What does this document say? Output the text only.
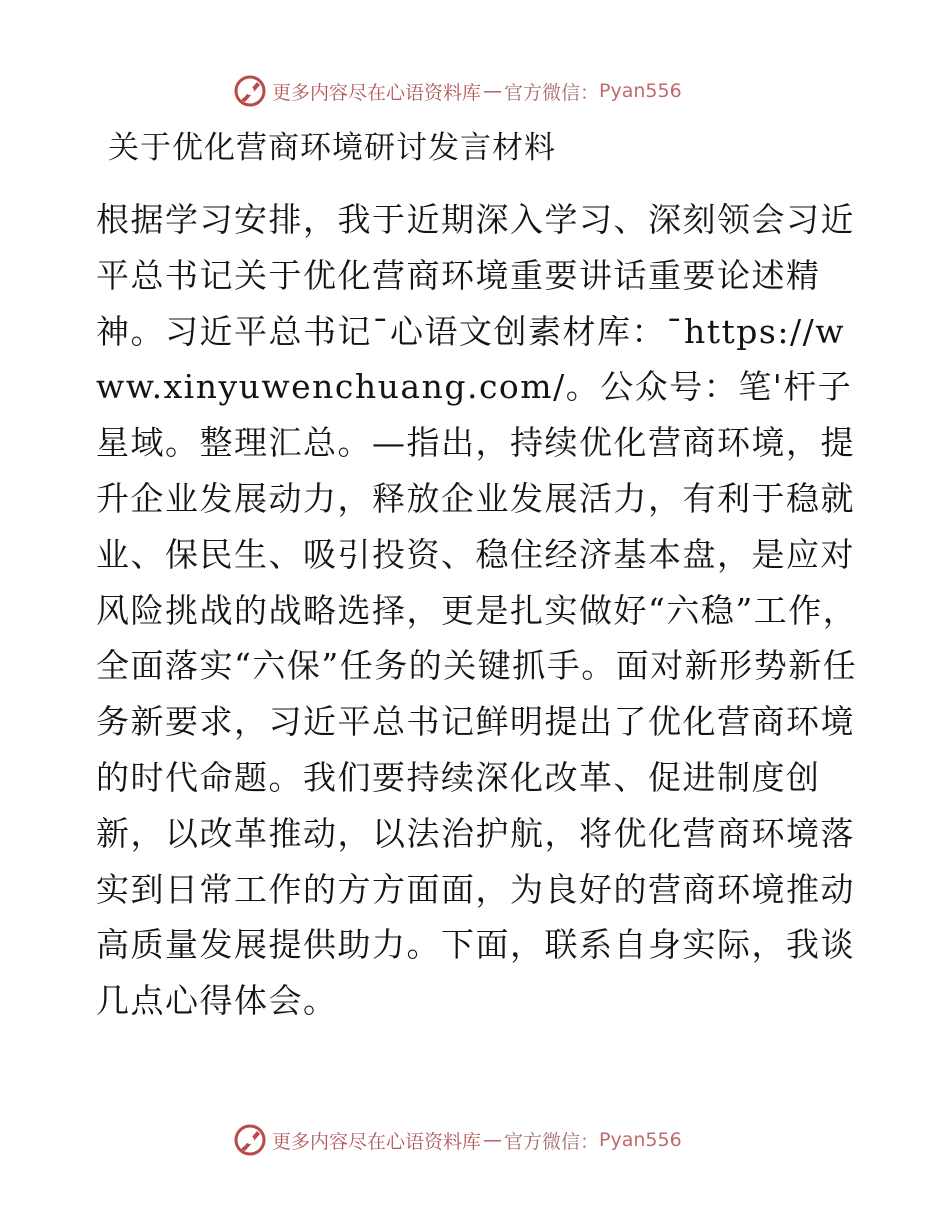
更多内容尽在心语资料库 — 官方微信： Pyan556
关于优化营商环境研讨发言材料

根据学习安排，我于近期深入学习、深刻领会习近平总书记关于优化营商环境重要讲话重要论述精神。习近平总书记¯心语文创素材库：¯https://www.xinyuwenchuang.com/。公众号：笔'杆子星域。整理汇总。—指出，持续优化营商环境，提升企业发展动力，释放企业发展活力，有利于稳就业、保民生、吸引投资、稳住经济基本盘，是应对风险挑战的战略选择，更是扎实做好“六稳”工作，全面落实“六保”任务的关键抓手。面对新形势新任务新要求，习近平总书记鲜明提出了优化营商环境的时代命题。我们要持续深化改革、促进制度创新，以改革推动，以法治护航，将优化营商环境落实到日常工作的方方面面，为良好的营商环境推动高质量发展提供助力。下面，联系自身实际，我谈几点心得体会。

更多内容尽在心语资料库 — 官方微信： Pyan556
